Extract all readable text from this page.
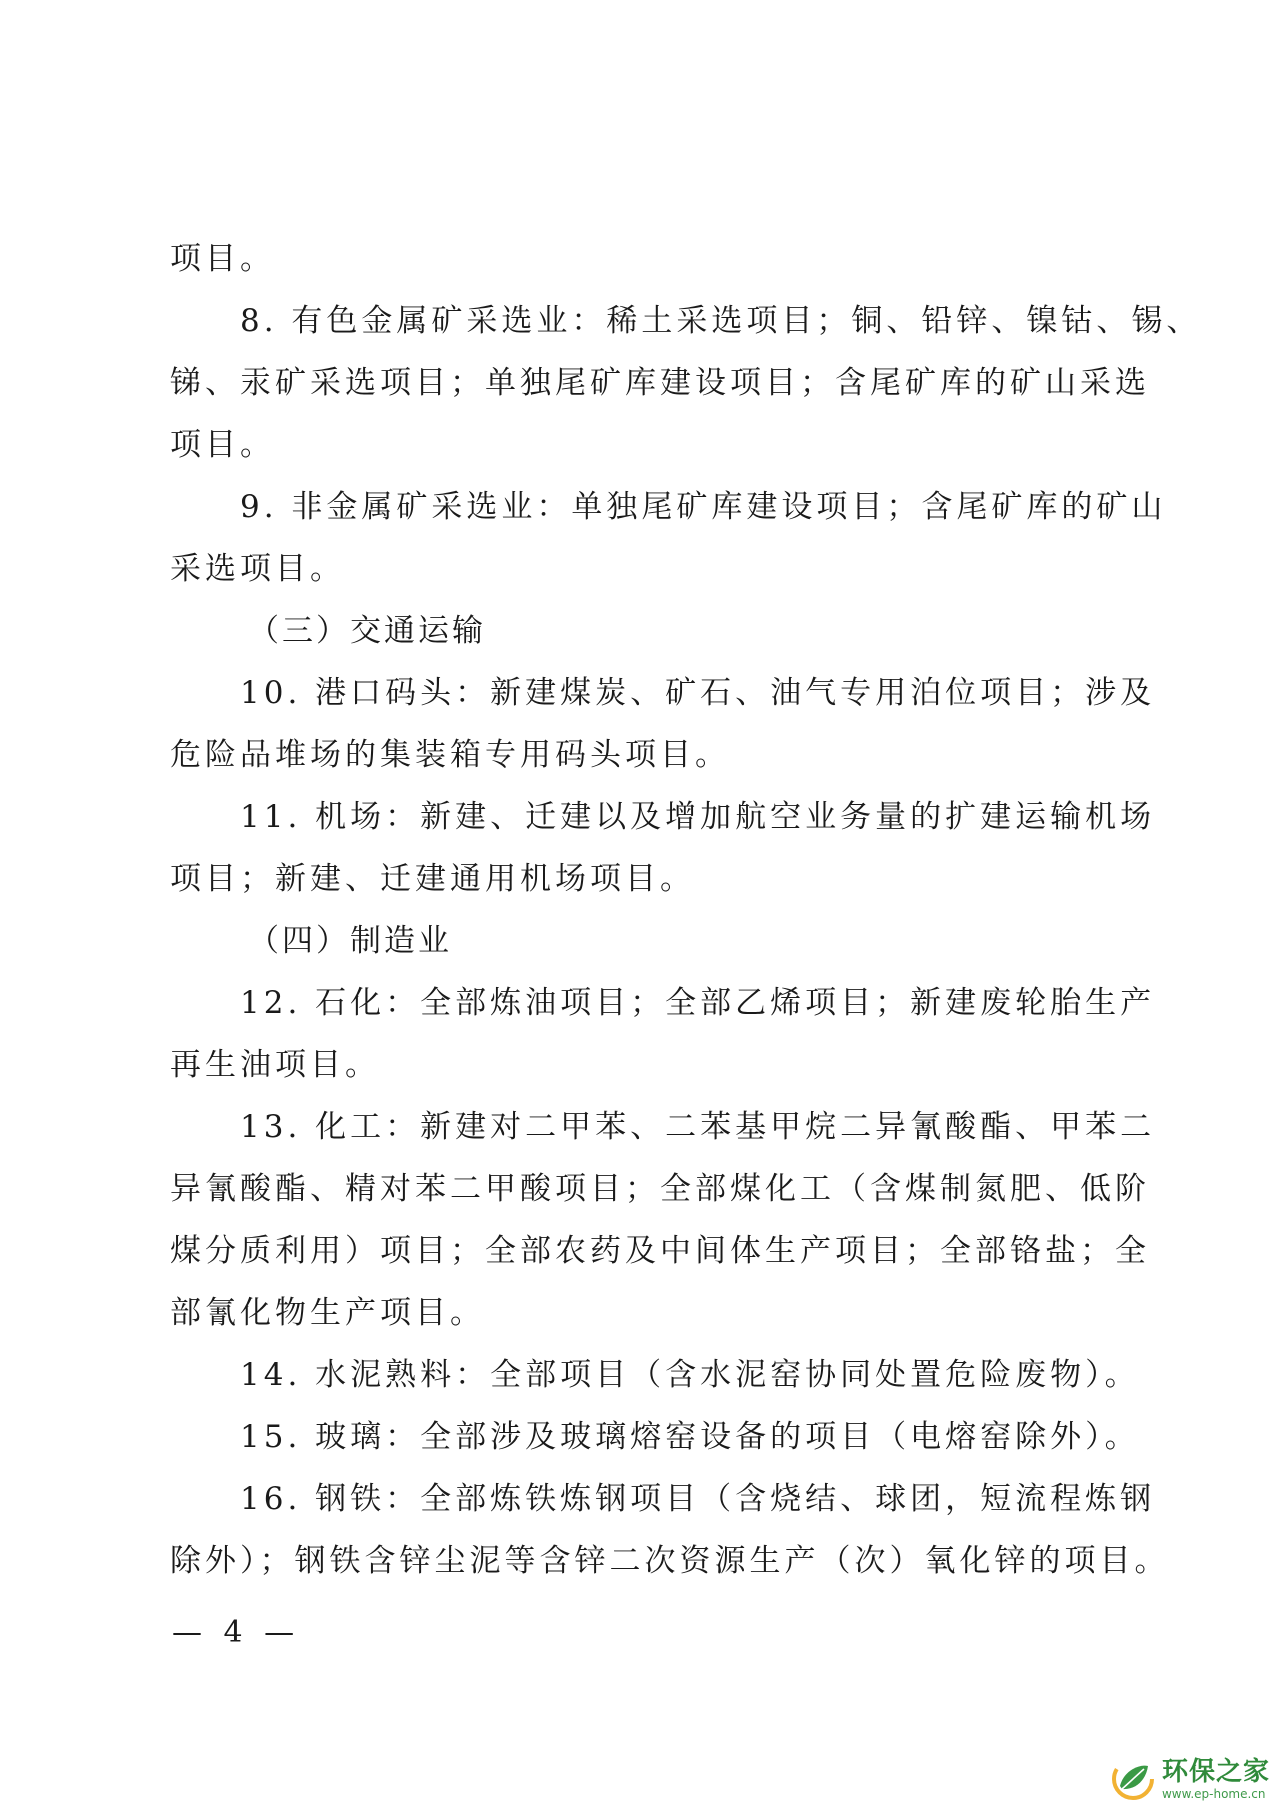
项目。
8. 有色金属矿采选业：稀土采选项目；铜、铅锌、镍钴、锡、
锑、汞矿采选项目；单独尾矿库建设项目；含尾矿库的矿山采选
项目。
9. 非金属矿采选业：单独尾矿库建设项目；含尾矿库的矿山
采选项目。
（三）交通运输
10. 港口码头：新建煤炭、矿石、油气专用泊位项目；涉及
危险品堆场的集装箱专用码头项目。
11. 机场：新建、迁建以及增加航空业务量的扩建运输机场
项目；新建、迁建通用机场项目。
（四）制造业
12. 石化：全部炼油项目；全部乙烯项目；新建废轮胎生产
再生油项目。
13. 化工：新建对二甲苯、二苯基甲烷二异氰酸酯、甲苯二
异氰酸酯、精对苯二甲酸项目；全部煤化工（含煤制氮肥、低阶
煤分质利用）项目；全部农药及中间体生产项目；全部铬盐；全
部氰化物生产项目。
14. 水泥熟料：全部项目（含水泥窑协同处置危险废物）。
15. 玻璃：全部涉及玻璃熔窑设备的项目（电熔窑除外）。
16. 钢铁：全部炼铁炼钢项目（含烧结、球团，短流程炼钢
除外）；钢铁含锌尘泥等含锌二次资源生产（次）氧化锌的项目。
— 4 —
环保之家
www.ep-home.cn
